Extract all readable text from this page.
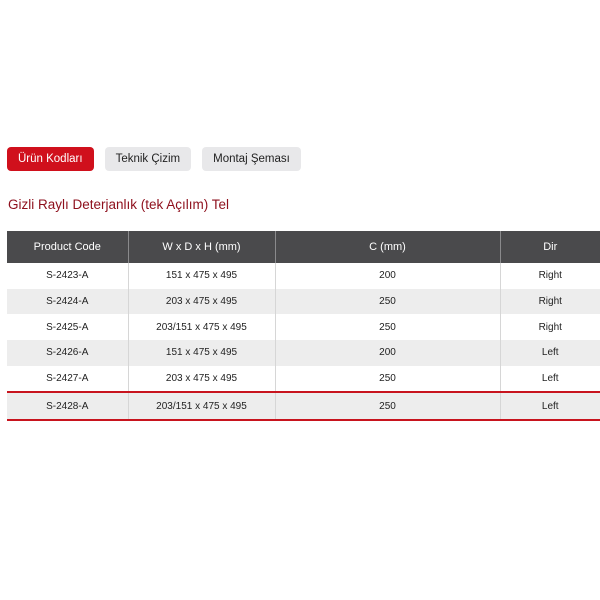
Ürün Kodları	Teknik Çizim	Montaj Şeması
Gizli Raylı Deterjanlık (tek Açılım) Tel
Product Code	W x D x H (mm)	C (mm)	Dir
S-2423-A	151 x 475 x 495	200	Right
S-2424-A	203 x 475 x 495	250	Right
S-2425-A	203/151 x 475 x 495	250	Right
S-2426-A	151 x 475 x 495	200	Left
S-2427-A	203 x 475 x 495	250	Left
S-2428-A	203/151 x 475 x 495	250	Left
